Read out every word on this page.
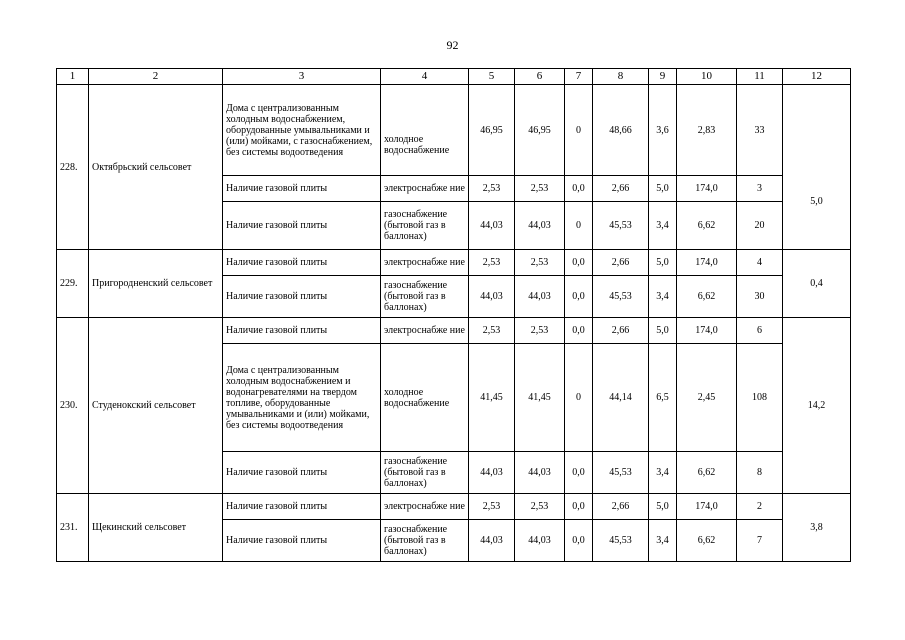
92
1	2	3	4	5	6	7	8	9	10	11	12
228.	Октябрьский сельсовет	Дома с централизованным холодным водоснабжением, оборудованные умывальниками и (или) мойками, с газоснабжением, без системы водоотведения	холодное водоснабжение	46,95	46,95	0	48,66	3,6	2,83	33	5,0
		Наличие газовой плиты	электроснабже ние	2,53	2,53	0,0	2,66	5,0	174,0	3	
		Наличие газовой плиты	газоснабжение (бытовой газ в баллонах)	44,03	44,03	0	45,53	3,4	6,62	20	
229.	Пригородненский сельсовет	Наличие газовой плиты	электроснабже ние	2,53	2,53	0,0	2,66	5,0	174,0	4	0,4
		Наличие газовой плиты	газоснабжение (бытовой газ в баллонах)	44,03	44,03	0,0	45,53	3,4	6,62	30	
230.	Студенокский сельсовет	Наличие газовой плиты	электроснабже ние	2,53	2,53	0,0	2,66	5,0	174,0	6	14,2
		Дома с централизованным холодным водоснабжением и водонагревателями на твердом топливе, оборудованные умывальниками и (или) мойками, без системы водоотведения	холодное водоснабжение	41,45	41,45	0	44,14	6,5	2,45	108	
		Наличие газовой плиты	газоснабжение (бытовой газ в баллонах)	44,03	44,03	0,0	45,53	3,4	6,62	8	
231.	Щекинский сельсовет	Наличие газовой плиты	электроснабже ние	2,53	2,53	0,0	2,66	5,0	174,0	2	3,8
		Наличие газовой плиты	газоснабжение (бытовой газ в баллонах)	44,03	44,03	0,0	45,53	3,4	6,62	7	
